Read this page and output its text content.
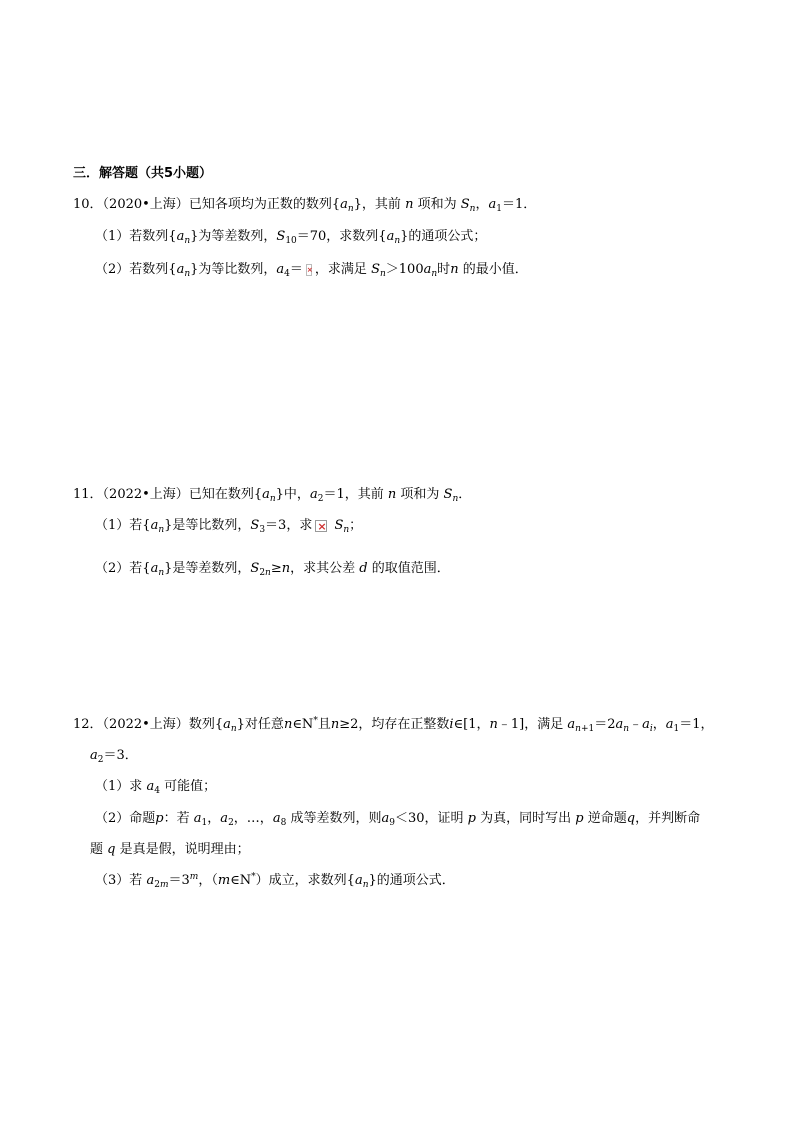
三．解答题（共5小题）
10．（2020•上海）已知各项均为正数的数列$\{a_n\}$，其前 n 项和为 $S_n$，$a_1=1$．
（1）若数列$\{a_n\}$为等差数列，$S_{10}=70$，求数列$\{a_n\}$的通项公式；
（2）若数列$\{a_n\}$为等比数列，$a_4=$ × ，求满足 $S_n>100a_n$时n 的最小值．
11．（2022•上海）已知在数列$\{a_n\}$中，$a_2=1$，其前 n 项和为 $S_n$．
（1）若$\{a_n\}$是等比数列，$S_3=3$，求 × $S_n$；
（2）若$\{a_n\}$是等差数列，$S_{2n}\ge n$，求其公差 d 的取值范围．
12．（2022•上海）数列$\{a_n\}$对任意n∈N*且n≥2，均存在正整数i∈[1，n﹣1]，满足 $a_{n+1}=2a_n﹣a_i$，$a_1=1$，
$a_2=3$．
（1）求 $a_4$ 可能值；
（2）命题p：若 $a_1$，$a_2$，…，$a_8$ 成等差数列，则$a_9<30$，证明 p 为真，同时写出 p 逆命题q，并判断命
题 q 是真是假，说明理由；
（3）若 $a_{2m}=3^m$，（m∈N*）成立，求数列$\{a_n\}$的通项公式．
